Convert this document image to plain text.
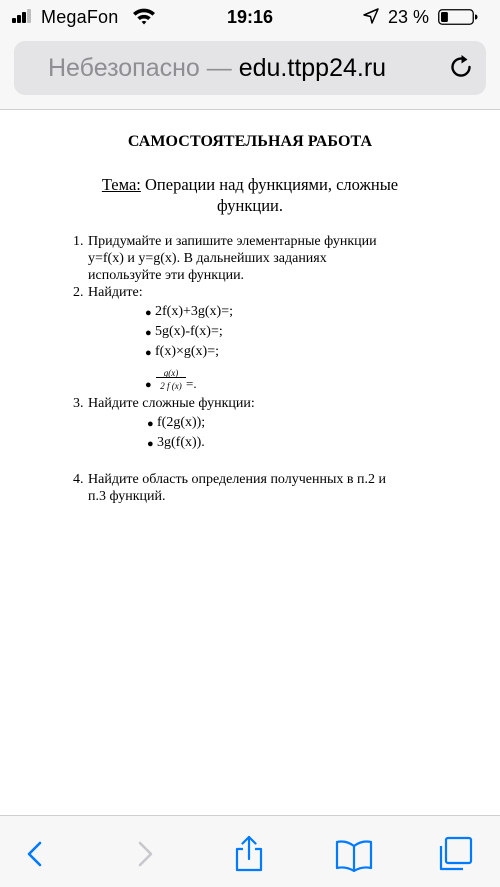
MegaFon	19:16	23 %
Небезопасно — edu.ttpp24.ru
САМОСТОЯТЕЛЬНАЯ РАБОТА
Тема: Операции над функциями, сложные
функции.
1. Придумайте и запишите элементарные функции
y=f(x) и y=g(x). В дальнейших заданиях
используйте эти функции.
2. Найдите:
● 2f(x)+3g(x)=;
● 5g(x)-f(x)=;
● f(x)×g(x)=;
●
g(x)
2 f (x) =.
3. Найдите сложные функции:
● f(2g(x));
● 3g(f(x)).
4. Найдите область определения полученных в п.2 и
п.3 функций.
